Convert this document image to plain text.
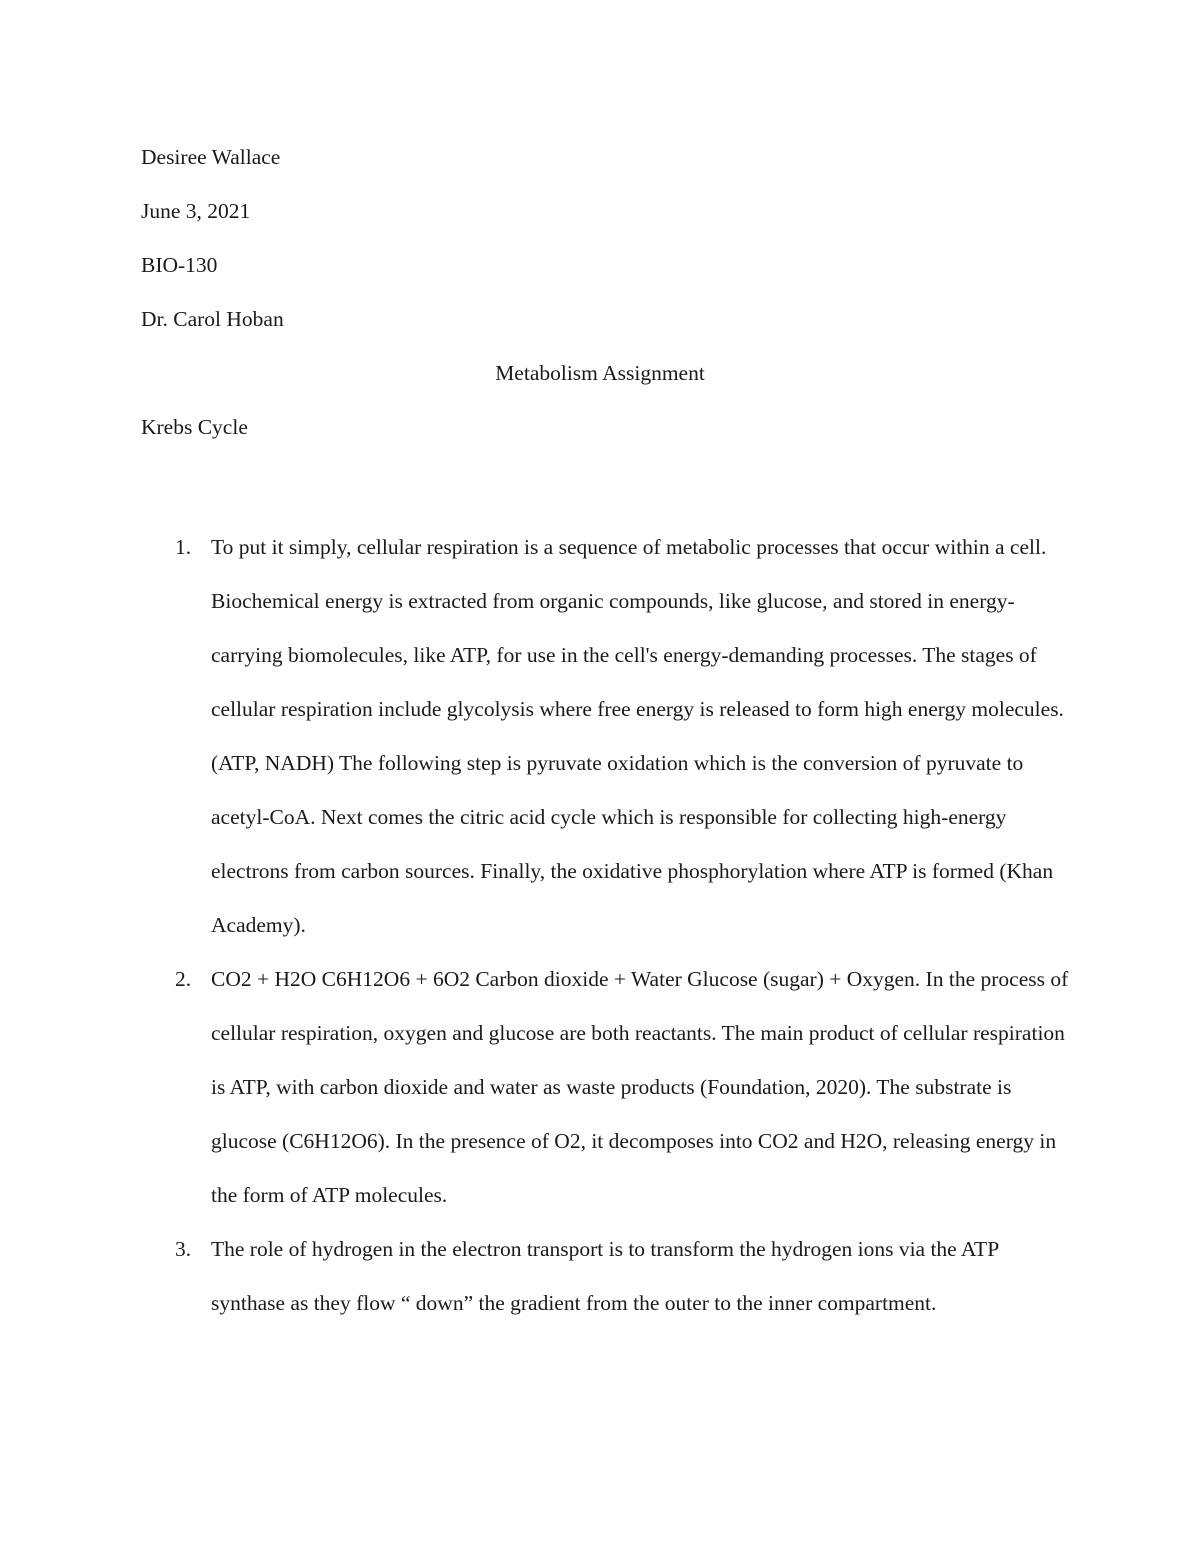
Desiree Wallace
June 3, 2021
BIO-130
Dr. Carol Hoban
Metabolism Assignment
Krebs Cycle
1. To put it simply, cellular respiration is a sequence of metabolic processes that occur within a cell. Biochemical energy is extracted from organic compounds, like glucose, and stored in energy-carrying biomolecules, like ATP, for use in the cell's energy-demanding processes. The stages of cellular respiration include glycolysis where free energy is released to form high energy molecules. (ATP, NADH) The following step is pyruvate oxidation which is the conversion of pyruvate to acetyl-CoA. Next comes the citric acid cycle which is responsible for collecting high-energy electrons from carbon sources. Finally, the oxidative phosphorylation where ATP is formed (Khan Academy).
2. CO2 + H2O C6H12O6 + 6O2 Carbon dioxide + Water Glucose (sugar) + Oxygen. In the process of cellular respiration, oxygen and glucose are both reactants. The main product of cellular respiration is ATP, with carbon dioxide and water as waste products (Foundation, 2020). The substrate is glucose (C6H12O6). In the presence of O2, it decomposes into CO2 and H2O, releasing energy in the form of ATP molecules.
3. The role of hydrogen in the electron transport is to transform the hydrogen ions via the ATP synthase as they flow “ down” the gradient from the outer to the inner compartment.
